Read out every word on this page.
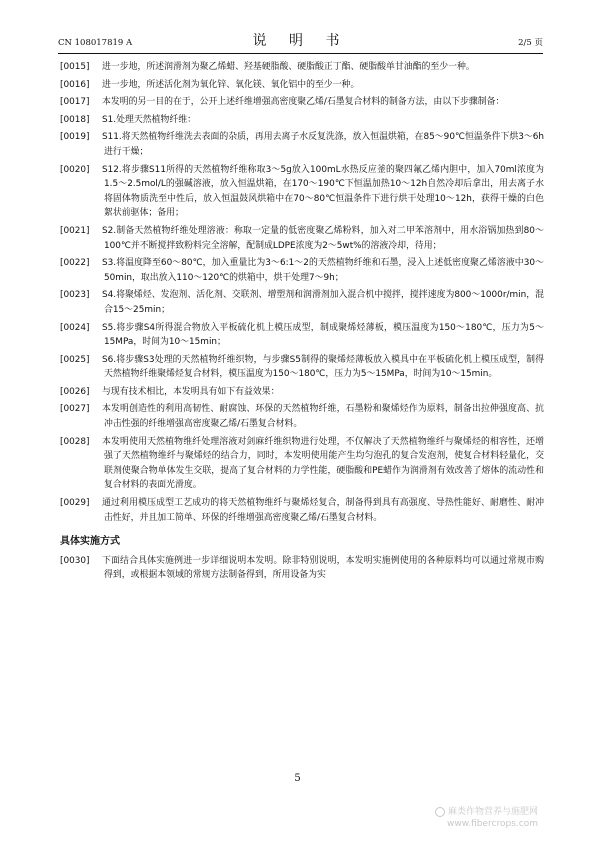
CN 108017819 A	说 明 书	2/5 页
[0015]	进一步地，所述润滑剂为聚乙烯蜡、羟基硬脂酸、硬脂酸正丁酯、硬脂酸单甘油酯的至少一种。
[0016]	进一步地，所述活化剂为氧化锌、氧化镁、氧化铝中的至少一种。
[0017]	本发明的另一目的在于，公开上述纤维增强高密度聚乙烯/石墨复合材料的制备方法，由以下步骤制备：
[0018]	S1.处理天然植物纤维：
[0019]	S11.将天然植物纤维洗去表面的杂质，再用去离子水反复洗涤，放入恒温烘箱，在85～90℃恒温条件下烘3～6h进行干燥；
[0020]	S12.将步骤S11所得的天然植物纤维称取3～5g放入100mL水热反应釜的聚四氟乙烯内胆中，加入70ml浓度为1.5～2.5mol/L的强碱溶液，放入恒温烘箱，在170～190℃下恒温加热10～12h自然冷却后拿出，用去离子水将固体物质洗至中性后，放入恒温鼓风烘箱中在70～80℃恒温条件下进行烘干处理10～12h，获得干燥的白色絮状前驱体；备用；
[0021]	S2.制备天然植物纤维处理溶液：称取一定量的低密度聚乙烯粉料，加入对二甲苯溶剂中，用水浴锅加热到80～100℃并不断搅拌致粉料完全溶解，配制成LDPE浓度为2～5wt%的溶液冷却，待用；
[0022]	S3.将温度降至60～80℃，加入重量比为3～6:1～2的天然植物纤维和石墨，浸入上述低密度聚乙烯溶液中30～50min，取出放入110～120℃的烘箱中，烘干处理7～9h；
[0023]	S4.将聚烯烃、发泡剂、活化剂、交联剂、增塑剂和润滑剂加入混合机中搅拌，搅拌速度为800～1000r/min，混合15～25min；
[0024]	S5.将步骤S4所得混合物放入平板硫化机上模压成型，制成聚烯烃薄板，模压温度为150～180℃，压力为5～15MPa，时间为10～15min；
[0025]	S6.将步骤S3处理的天然植物纤维织物，与步骤S5制得的聚烯烃薄板放入模具中在平板硫化机上模压成型，制得天然植物纤维聚烯烃复合材料，模压温度为150～180℃，压力为5～15MPa，时间为10～15min。
[0026]	与现有技术相比，本发明具有如下有益效果：
[0027]	本发明创造性的利用高韧性、耐腐蚀、环保的天然植物纤维，石墨粉和聚烯烃作为原料，制备出拉伸强度高、抗冲击性强的纤维增强高密度聚乙烯/石墨复合材料。
[0028]	本发明使用天然植物维纤处理溶液对剑麻纤维织物进行处理，不仅解决了天然植物维纤与聚烯烃的相容性，还增强了天然植物维纤与聚烯烃的结合力，同时，本发明使用能产生均匀泡孔的复合发泡剂，使复合材料轻量化，交联剂使聚合物单体发生交联，提高了复合材料的力学性能，硬脂酸和PE蜡作为润滑剂有效改善了熔体的流动性和复合材料的表面光滑度。
[0029]	通过利用模压成型工艺成功的将天然植物维纤与聚烯烃复合，制备得到具有高强度、导热性能好、耐磨性、耐冲击性好，并且加工简单、环保的纤维增强高密度聚乙烯/石墨复合材料。
具体实施方式
[0030]	下面结合具体实施例进一步详细说明本发明。除非特别说明，本发明实施例使用的各种原料均可以通过常规市购得到，或根据本领域的常规方法制备得到，所用设备为实
5
麻类作物营养与施肥网
www.fibercrops.com
